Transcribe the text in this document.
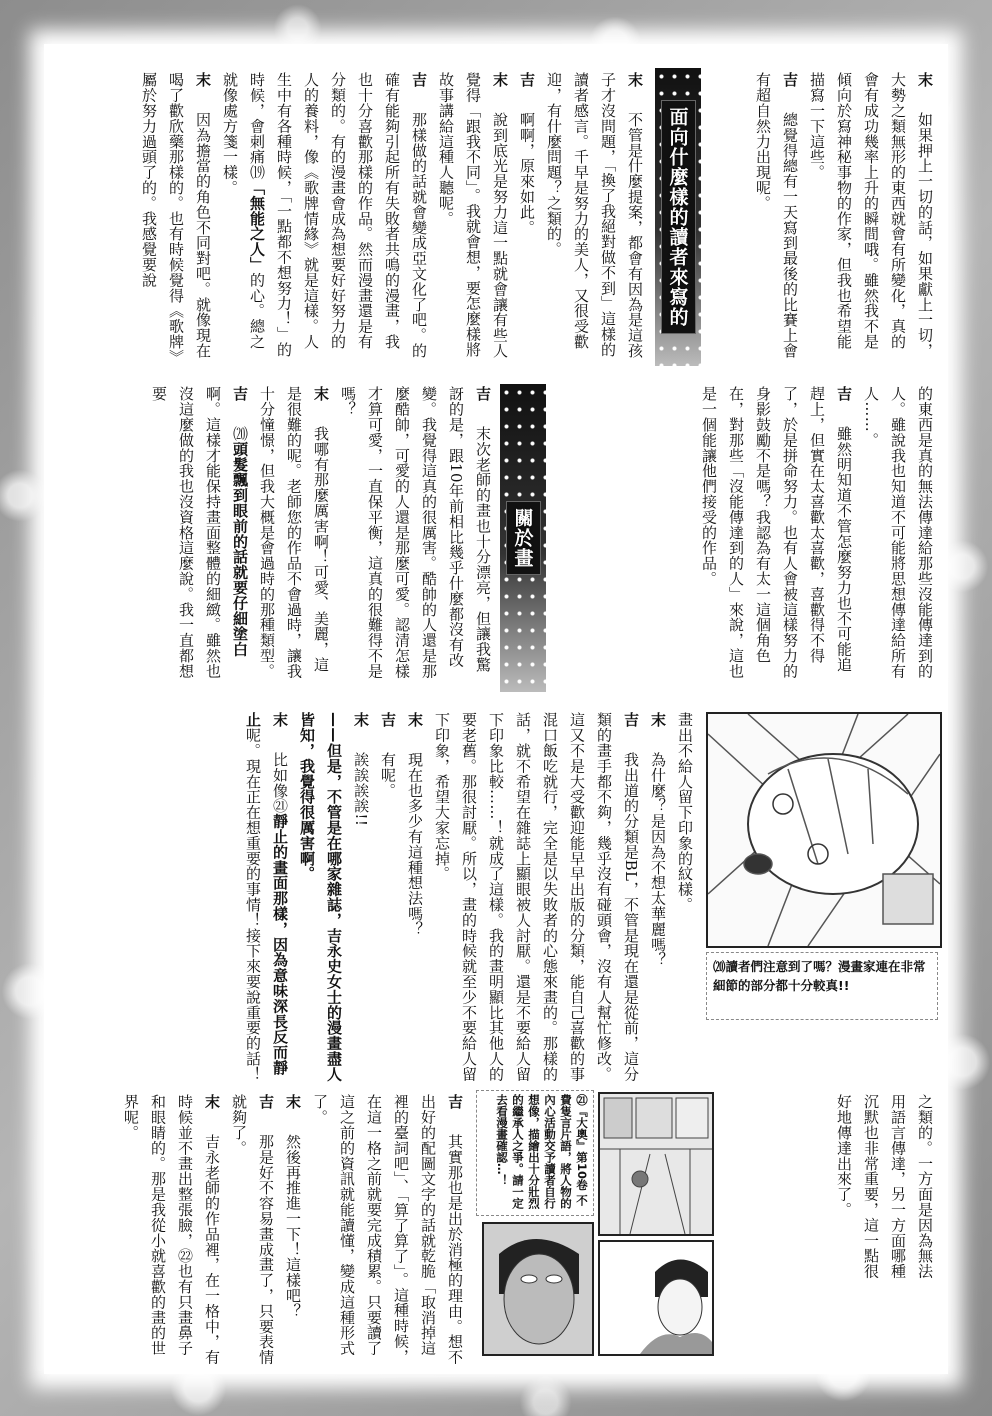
末　如果押上一切的話，如果獻上一切，大勢之類無形的東西就會有所變化，真的會有成功幾率上升的瞬間哦。雖然我不是傾向於寫神秘事物的作家，但我也希望能描寫一下這些。

吉　總覺得總有一天寫到最後的比賽上會有超自然力出現呢。

面向什麼樣的讀者來寫的

末　不管是什麼提案，都會有因為是這孩子才沒問題，「換了我絕對做不到」這樣的讀者感言。千早是努力的美人，又很受歡迎，有什麼問題？之類的。

吉　啊啊，原來如此。

末　說到底光是努力這一點就會讓有些人覺得「跟我不同」。我就會想，要怎麼樣將故事講給這種人聽呢。

吉　那樣做的話就會變成亞文化了吧。的確有能夠引起所有失敗者共鳴的漫畫，我也十分喜歡那樣的作品。然而漫畫還是有分類的。有的漫畫會成為想要好好努力的人的養料，像《歌牌情緣》就是這樣。人生中有各種時候，「一點都不想努力！」的時候，會刺痛⒆「無能之人」的心。總之就像處方箋一樣。

末　因為擔當的角色不同對吧。就像現在喝了歡欣藥那樣的。也有時候覺得《歌牌》屬於努力過頭了的。我感覺要說

的東西是真的無法傳達給那些沒能傳達到的人。雖說我也知道不可能將思想傳達給所有人……。

吉　雖然明知道不管怎麼努力也不可能追趕上，但實在太喜歡太喜歡，喜歡得不得了，於是拼命努力。也有人會被這樣努力的身影鼓勵不是嗎？我認為有太一這個角色在，對那些「沒能傳達到的人」來說，這也是一個能讓他們接受的作品。

關於畫

吉　末次老師的畫也十分漂亮，但讓我驚訝的是，跟10年前相比幾乎什麼都沒有改變。我覺得這真的很厲害。酷帥的人還是那麼酷帥，可愛的人還是那麼可愛。認清怎樣才算可愛，一直保平衡，這真的很難得不是嗎？

末　我哪有那麼厲害啊！可愛、美麗，這是很難的呢。老師您的作品不會過時，讓我十分憧憬，但我大概是會過時的那種類型。

吉　⒇頭髮飄到眼前的話就要仔細塗白啊。這樣才能保持畫面整體的細緻。雖然也沒這麼做的我也沒資格這麼說。我一直都想要

⒇讀者們注意到了嗎？漫畫家連在非常細節的部分都十分較真!!

畫出不給人留下印象的紋樣。

末　為什麼？是因為不想太華麗嗎？

吉　我出道的分類是BL，不管是現在還是從前，這分類的畫手都不夠，幾乎沒有碰頭會，沒有人幫忙修改。這又不是大受歡迎能早早出版的分類，能自己喜歡的事混口飯吃就行，完全是以失敗者的心態來畫的。那樣的話，就不希望在雜誌上顯眼被人討厭。還是不要給人留下印象比較……！就成了這樣。我的畫明顯比其他人的要老舊。那很討厭。所以，畫的時候就至少不要給人留下印象，希望大家忘掉。

末　現在也多少有這種想法嗎？

吉　有呢。

末　誒誒誒誒!!

——但是，不管是在哪家雜誌，吉永史女士的漫畫盡人皆知，我覺得很厲害啊。

末　比如像㉑靜止的畫面那樣，因為意味深長反而靜止呢。現在正在想重要的事情！接下來要說重要的話！

之類的。一方面是因為無法用語言傳達，另一方面哪種沉默也非常重要，這一點很好地傳達出來了。

㉑『大奧』第10卷 不費隻言片語，將人物的內心活動交予讀者自行想像，描繪出十分壯烈的繼承人之爭。請一定去看漫畫確認…！

吉　其實那也是出於消極的理由。想不出好的配圖文字的話就乾脆「取消掉這裡的臺詞吧」、「算了算了」。這種時候，在這一格之前就要完成積累。只要讀了這之前的資訊就能讀懂，變成這種形式了。

末　然後再推進一下！這樣吧？

吉　那是好不容易畫成畫了，只要表情就夠了。

末　吉永老師的作品裡，在一格中，有時候並不畫出整張臉，㉒也有只畫鼻子和眼睛的。那是我從小就喜歡的畫的世界呢。
